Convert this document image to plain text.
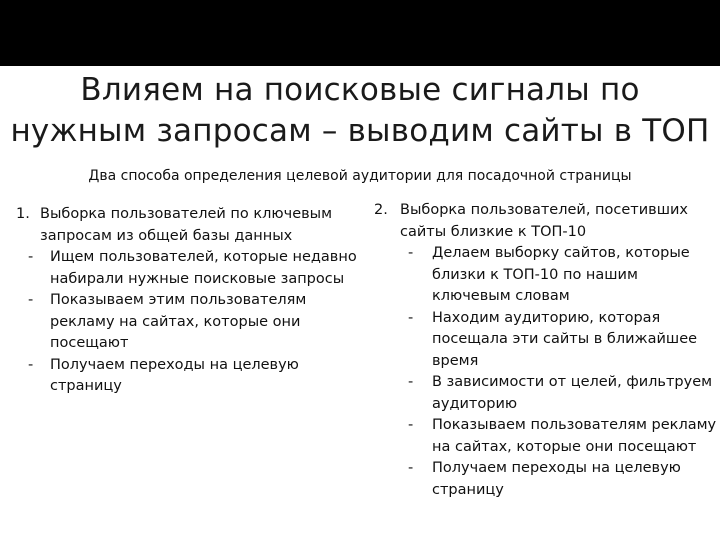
Влияем на поисковые сигналы по
нужным запросам – выводим сайты в ТОП
Два способа определения целевой аудитории для посадочной страницы
1. Выборка пользователей по ключевым запросам из общей базы данных
- Ищем пользователей, которые недавно набирали нужные поисковые запросы
- Показываем этим пользователям рекламу на сайтах, которые они посещают
- Получаем переходы на целевую страницу
2. Выборка пользователей, посетивших сайты близкие к ТОП-10
- Делаем выборку сайтов, которые близки к ТОП-10 по нашим ключевым словам
- Находим аудиторию, которая посещала эти сайты в ближайшее время
- В зависимости от целей, фильтруем аудиторию
- Показываем пользователям рекламу на сайтах, которые они посещают
- Получаем переходы на целевую страницу
